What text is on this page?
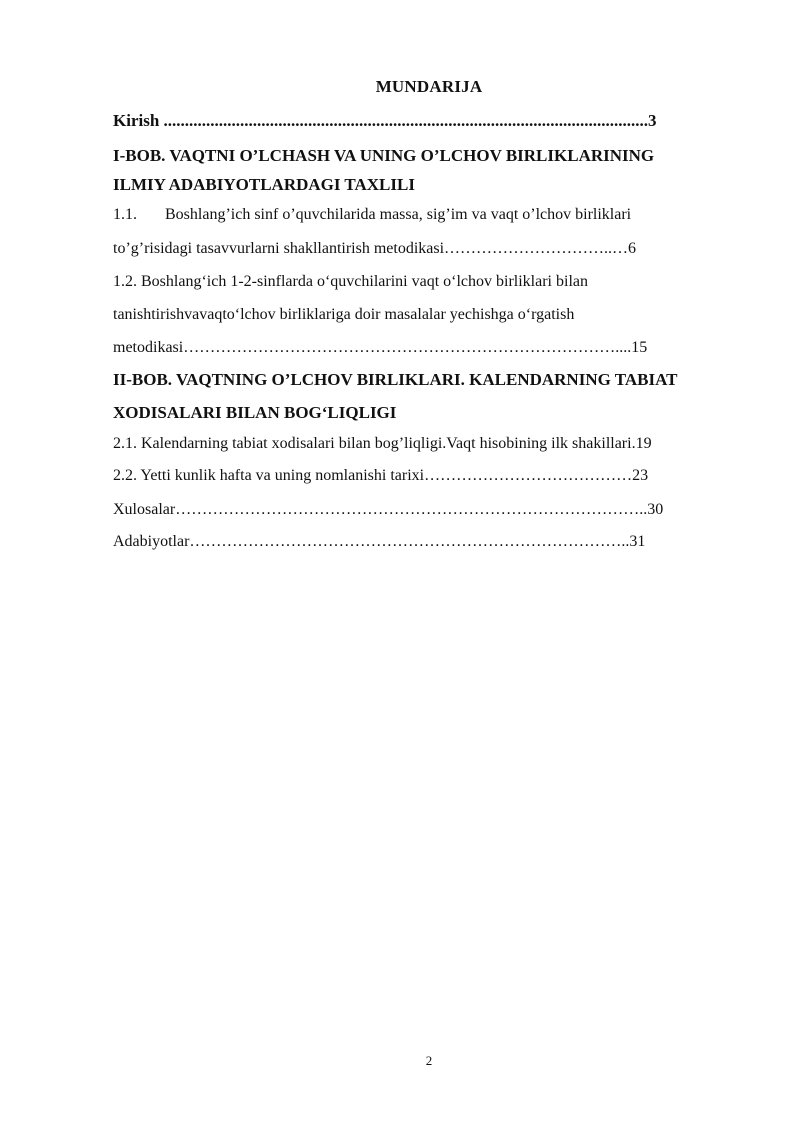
MUNDARIJA
Kirish ..................................................................................................................3
I-BOB. VAQTNI O’LCHASH VA UNING O’LCHOV BIRLIKLARINING
ILMIY ADABIYOTLARDAGI TAXLILI
1.1. Boshlang’ich sinf o’quvchilarida massa, sig’im va vaqt o’lchov birliklari
to’g’risidagi tasavvurlarni shakllantirish metodikasi…………………………..…6
1.2. Boshlangʻich 1-2-sinflarda oʻquvchilarini vaqt oʻlchov birliklari bilan
tanishtirishvavaqtoʻlchov birliklariga doir masalalar yechishga oʻrgatish
metodikasi………………………………………………………………………....15
II-BOB. VAQTNING O’LCHOV BIRLIKLARI. KALENDARNING TABIAT
XODISALARI BILAN BOG‘LIQLIGI
2.1. Kalendarning tabiat xodisalari bilan bog’liqligi.Vaqt hisobining ilk shakillari.19
2.2. Yetti kunlik hafta va uning nomlanishi tarixi…………………………………23
Xulosalar……………………………………………………………………………..30
Adabiyotlar………………………………………………………………………..31
2
